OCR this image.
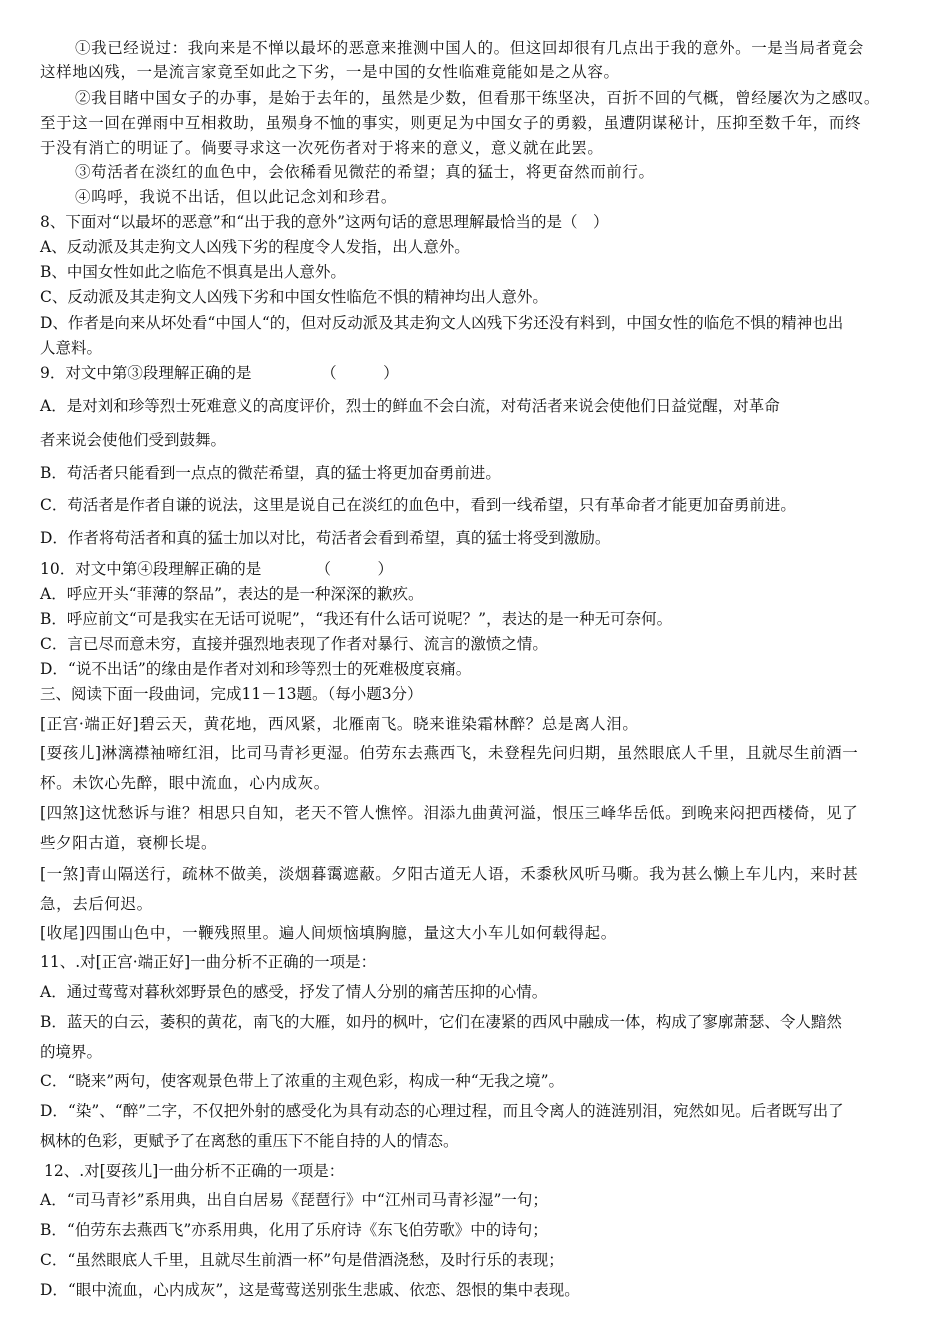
①我已经说过：我向来是不惮以最坏的恶意来推测中国人的。但这回却很有几点出于我的意外。一是当局者竟会
这样地凶残，一是流言家竟至如此之下劣，一是中国的女性临难竟能如是之从容。
②我目睹中国女子的办事，是始于去年的，虽然是少数，但看那干练坚决，百折不回的气概，曾经屡次为之感叹。
至于这一回在弹雨中互相救助，虽殒身不恤的事实，则更足为中国女子的勇毅，虽遭阴谋秘计，压抑至数千年，而终
于没有消亡的明证了。倘要寻求这一次死伤者对于将来的意义，意义就在此罢。
③苟活者在淡红的血色中，会依稀看见微茫的希望；真的猛士，将更奋然而前行。
④呜呼，我说不出话，但以此记念刘和珍君。
8、下面对“以最坏的恶意”和“出于我的意外”这两句话的意思理解最恰当的是（　）
A、反动派及其走狗文人凶残下劣的程度令人发指，出人意外。
B、中国女性如此之临危不惧真是出人意外。
C、反动派及其走狗文人凶残下劣和中国女性临危不惧的精神均出人意外。
D、作者是向来从坏处看“中国人“的，但对反动派及其走狗文人凶残下劣还没有料到，中国女性的临危不惧的精神也出
人意料。
9．对文中第③段理解正确的是　　　　　（　　　）
A．是对刘和珍等烈士死难意义的高度评价，烈士的鲜血不会白流，对苟活者来说会使他们日益觉醒，对革命
者来说会使他们受到鼓舞。
B．苟活者只能看到一点点的微茫希望，真的猛士将更加奋勇前进。
C．苟活者是作者自谦的说法，这里是说自己在淡红的血色中，看到一线希望，只有革命者才能更加奋勇前进。
D．作者将苟活者和真的猛士加以对比，苟活者会看到希望，真的猛士将受到激励。
10．对文中第④段理解正确的是　　　　（　　　）
A．呼应开头“菲薄的祭品”，表达的是一种深深的歉疚。
B．呼应前文“可是我实在无话可说呢”，“我还有什么话可说呢？”，表达的是一种无可奈何。
C．言已尽而意未穷，直接并强烈地表现了作者对暴行、流言的激愤之情。
D．“说不出话”的缘由是作者对刘和珍等烈士的死难极度哀痛。
三、阅读下面一段曲词，完成11－13题。（每小题3分）
[正宫·端正好]碧云天，黄花地，西风紧，北雁南飞。晓来谁染霜林醉？总是离人泪。
[耍孩儿]淋漓襟袖啼红泪，比司马青衫更湿。伯劳东去燕西飞，未登程先问归期，虽然眼底人千里，且就尽生前酒一
杯。未饮心先醉，眼中流血，心内成灰。
[四煞]这忧愁诉与谁？相思只自知，老天不管人憔悴。泪添九曲黄河溢，恨压三峰华岳低。到晚来闷把西楼倚，见了
些夕阳古道，衰柳长堤。
[一煞]青山隔送行，疏林不做美，淡烟暮霭遮蔽。夕阳古道无人语，禾黍秋风听马嘶。我为甚么懒上车儿内，来时甚
急，去后何迟。
[收尾]四围山色中，一鞭残照里。遍人间烦恼填胸臆，量这大小车儿如何载得起。
11、.对[正宫·端正好]一曲分析不正确的一项是：
A．通过莺莺对暮秋郊野景色的感受，抒发了情人分别的痛苦压抑的心情。
B．蓝天的白云，萎积的黄花，南飞的大雁，如丹的枫叶，它们在凄紧的西风中融成一体，构成了寥廓萧瑟、令人黯然
的境界。
C．“晓来”两句，使客观景色带上了浓重的主观色彩，构成一种“无我之境”。
D．“染”、“醉”二字，不仅把外射的感受化为具有动态的心理过程，而且令离人的涟涟别泪，宛然如见。后者既写出了
枫林的色彩，更赋予了在离愁的重压下不能自持的人的情态。
12、.对[耍孩儿]一曲分析不正确的一项是：
A．“司马青衫”系用典，出自白居易《琵琶行》中“江州司马青衫湿”一句；
B．“伯劳东去燕西飞”亦系用典，化用了乐府诗《东飞伯劳歌》中的诗句；
C．“虽然眼底人千里，且就尽生前酒一杯”句是借酒浇愁，及时行乐的表现；
D．“眼中流血，心内成灰”，这是莺莺送别张生悲戚、依恋、怨恨的集中表现。
